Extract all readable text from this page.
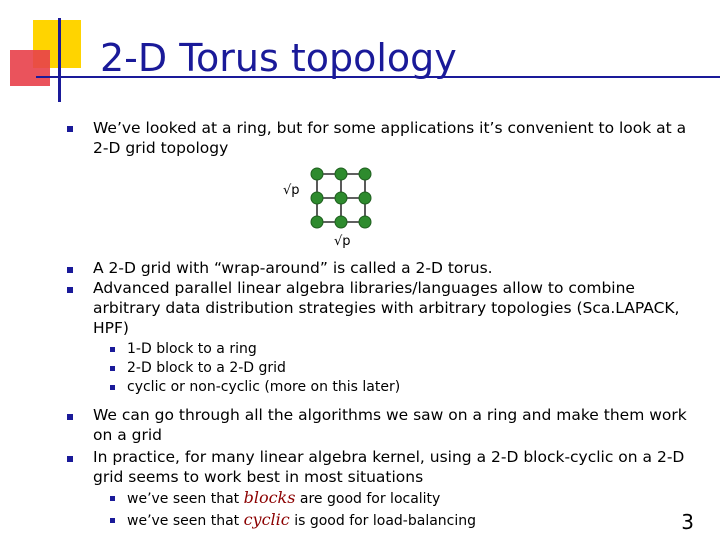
2-D Torus topology
We’ve looked at a ring, but for some applications it’s convenient to look at a 2-D grid topology
√p
√p
A 2-D grid with “wrap-around” is called a 2-D torus.
Advanced parallel linear algebra libraries/languages allow to combine arbitrary data distribution strategies with arbitrary topologies (Sca.LAPACK, HPF)
1-D block to a ring
2-D block to a 2-D grid
cyclic or non-cyclic (more on this later)
We can go through all the algorithms we saw on a ring and make them work on a grid
In practice, for many linear algebra kernel, using a 2-D block-cyclic on a 2-D grid seems to work best in most situations
we’ve seen that blocks are good for locality
we’ve seen that cyclic is good for load-balancing	3
